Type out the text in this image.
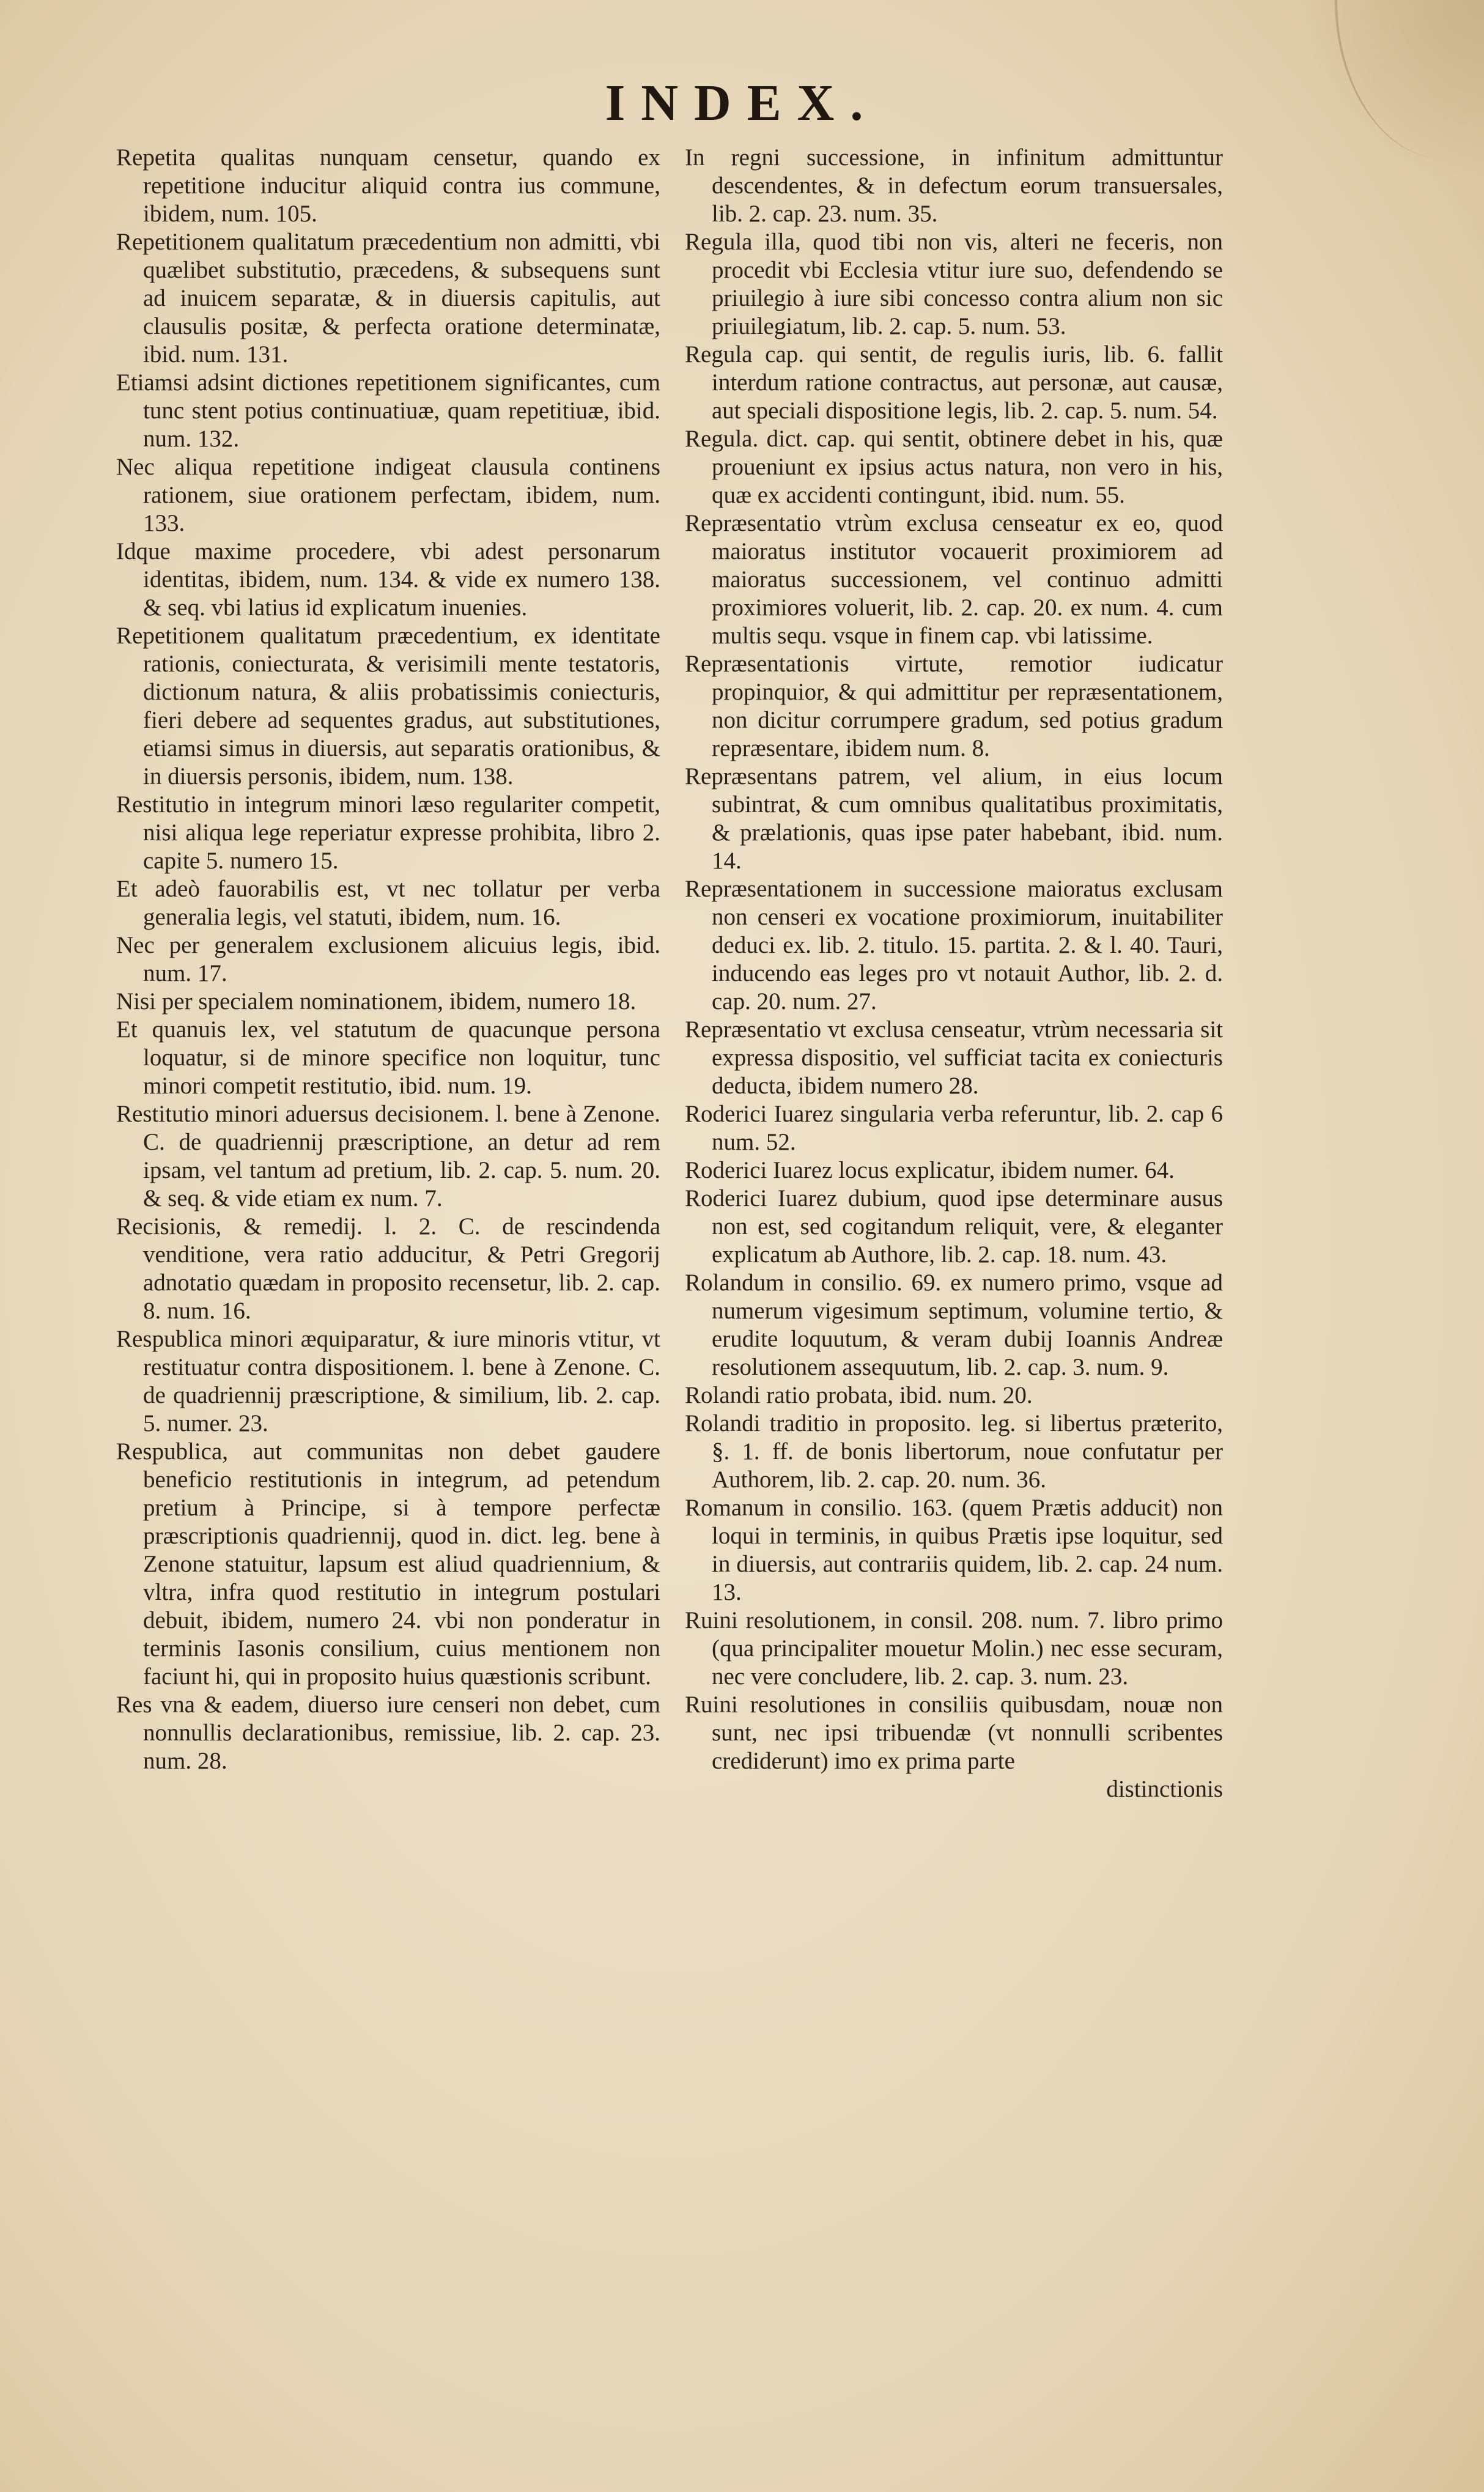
INDEX.

Repetita qualitas nunquam censetur, quando ex repetitione inducitur aliquid contra ius commune, ibidem, num. 105.

Repetitionem qualitatum præcedentium non admitti, vbi quælibet substitutio, præcedens, & subsequens sunt ad inuicem separatæ, & in diuersis capitulis, aut clausulis positæ, & perfecta oratione determinatæ, ibid. num. 131.

Etiamsi adsint dictiones repetitionem significantes, cum tunc stent potius continuatiuæ, quam repetitiuæ, ibid. num. 132.

Nec aliqua repetitione indigeat clausula continens rationem, siue orationem perfectam, ibidem, num. 133.

Idque maxime procedere, vbi adest personarum identitas, ibidem, num. 134. & vide ex numero 138. & seq. vbi latius id explicatum inuenies.

Repetitionem qualitatum præcedentium, ex identitate rationis, coniecturata, & verisimili mente testatoris, dictionum natura, & aliis probatissimis coniecturis, fieri debere ad sequentes gradus, aut substitutiones, etiamsi simus in diuersis, aut separatis orationibus, & in diuersis personis, ibidem, num. 138.

Restitutio in integrum minori læso regulariter competit, nisi aliqua lege reperiatur expresse prohibita, libro 2. capite 5. numero 15.

Et adeò fauorabilis est, vt nec tollatur per verba generalia legis, vel statuti, ibidem, num. 16.

Nec per generalem exclusionem alicuius legis, ibid. num. 17.

Nisi per specialem nominationem, ibidem, numero 18.

Et quanuis lex, vel statutum de quacunque persona loquatur, si de minore specifice non loquitur, tunc minori competit restitutio, ibid. num. 19.

Restitutio minori aduersus decisionem. l. bene à Zenone. C. de quadriennij præscriptione, an detur ad rem ipsam, vel tantum ad pretium, lib. 2. cap. 5. num. 20. & seq. & vide etiam ex num. 7.

Recisionis, & remedij. l. 2. C. de rescindenda venditione, vera ratio adducitur, & Petri Gregorij adnotatio quædam in proposito recensetur, lib. 2. cap. 8. num. 16.

Respublica minori æquiparatur, & iure minoris vtitur, vt restituatur contra dispositionem. l. bene à Zenone. C. de quadriennij præscriptione, & similium, lib. 2. cap. 5. numer. 23.

Respublica, aut communitas non debet gaudere beneficio restitutionis in integrum, ad petendum pretium à Principe, si à tempore perfectæ præscriptionis quadriennij, quod in. dict. leg. bene à Zenone statuitur, lapsum est aliud quadriennium, & vltra, infra quod restitutio in integrum postulari debuit, ibidem, numero 24. vbi non ponderatur in terminis Iasonis consilium, cuius mentionem non faciunt hi, qui in proposito huius quæstionis scribunt.

Res vna & eadem, diuerso iure censeri non debet, cum nonnullis declarationibus, remissiue, lib. 2. cap. 23. num. 28.

In regni successione, in infinitum admittuntur descendentes, & in defectum eorum transuersales, lib. 2. cap. 23. num. 35.

Regula illa, quod tibi non vis, alteri ne feceris, non procedit vbi Ecclesia vtitur iure suo, defendendo se priuilegio à iure sibi concesso contra alium non sic priuilegiatum, lib. 2. cap. 5. num. 53.

Regula cap. qui sentit, de regulis iuris, lib. 6. fallit interdum ratione contractus, aut personæ, aut causæ, aut speciali dispositione legis, lib. 2. cap. 5. num. 54.

Regula. dict. cap. qui sentit, obtinere debet in his, quæ proueniunt ex ipsius actus natura, non vero in his, quæ ex accidenti contingunt, ibid. num. 55.

Repræsentatio vtrùm exclusa censeatur ex eo, quod maioratus institutor vocauerit proximiorem ad maioratus successionem, vel continuo admitti proximiores voluerit, lib. 2. cap. 20. ex num. 4. cum multis sequ. vsque in finem cap. vbi latissime.

Repræsentationis virtute, remotior iudicatur propinquior, & qui admittitur per repræsentationem, non dicitur corrumpere gradum, sed potius gradum repræsentare, ibidem num. 8.

Repræsentans patrem, vel alium, in eius locum subintrat, & cum omnibus qualitatibus proximitatis, & prælationis, quas ipse pater habebant, ibid. num. 14.

Repræsentationem in successione maioratus exclusam non censeri ex vocatione proximiorum, inuitabiliter deduci ex. lib. 2. titulo. 15. partita. 2. & l. 40. Tauri, inducendo eas leges pro vt notauit Author, lib. 2. d. cap. 20. num. 27.

Repræsentatio vt exclusa censeatur, vtrùm necessaria sit expressa dispositio, vel sufficiat tacita ex coniecturis deducta, ibidem numero 28.

Roderici Iuarez singularia verba referuntur, lib. 2. cap 6 num. 52.

Roderici Iuarez locus explicatur, ibidem numer. 64.

Roderici Iuarez dubium, quod ipse determinare ausus non est, sed cogitandum reliquit, vere, & eleganter explicatum ab Authore, lib. 2. cap. 18. num. 43.

Rolandum in consilio. 69. ex numero primo, vsque ad numerum vigesimum septimum, volumine tertio, & erudite loquutum, & veram dubij Ioannis Andreæ resolutionem assequutum, lib. 2. cap. 3. num. 9.

Rolandi ratio probata, ibid. num. 20.

Rolandi traditio in proposito. leg. si libertus præterito, §. 1. ff. de bonis libertorum, noue confutatur per Authorem, lib. 2. cap. 20. num. 36.

Romanum in consilio. 163. (quem Prætis adducit) non loqui in terminis, in quibus Prætis ipse loquitur, sed in diuersis, aut contrariis quidem, lib. 2. cap. 24 num. 13.

Ruini resolutionem, in consil. 208. num. 7. libro primo (qua principaliter mouetur Molin.) nec esse securam, nec vere concludere, lib. 2. cap. 3. num. 23.

Ruini resolutiones in consiliis quibusdam, nouæ non sunt, nec ipsi tribuendæ (vt nonnulli scribentes crediderunt) imo ex prima parte

distinctionis
